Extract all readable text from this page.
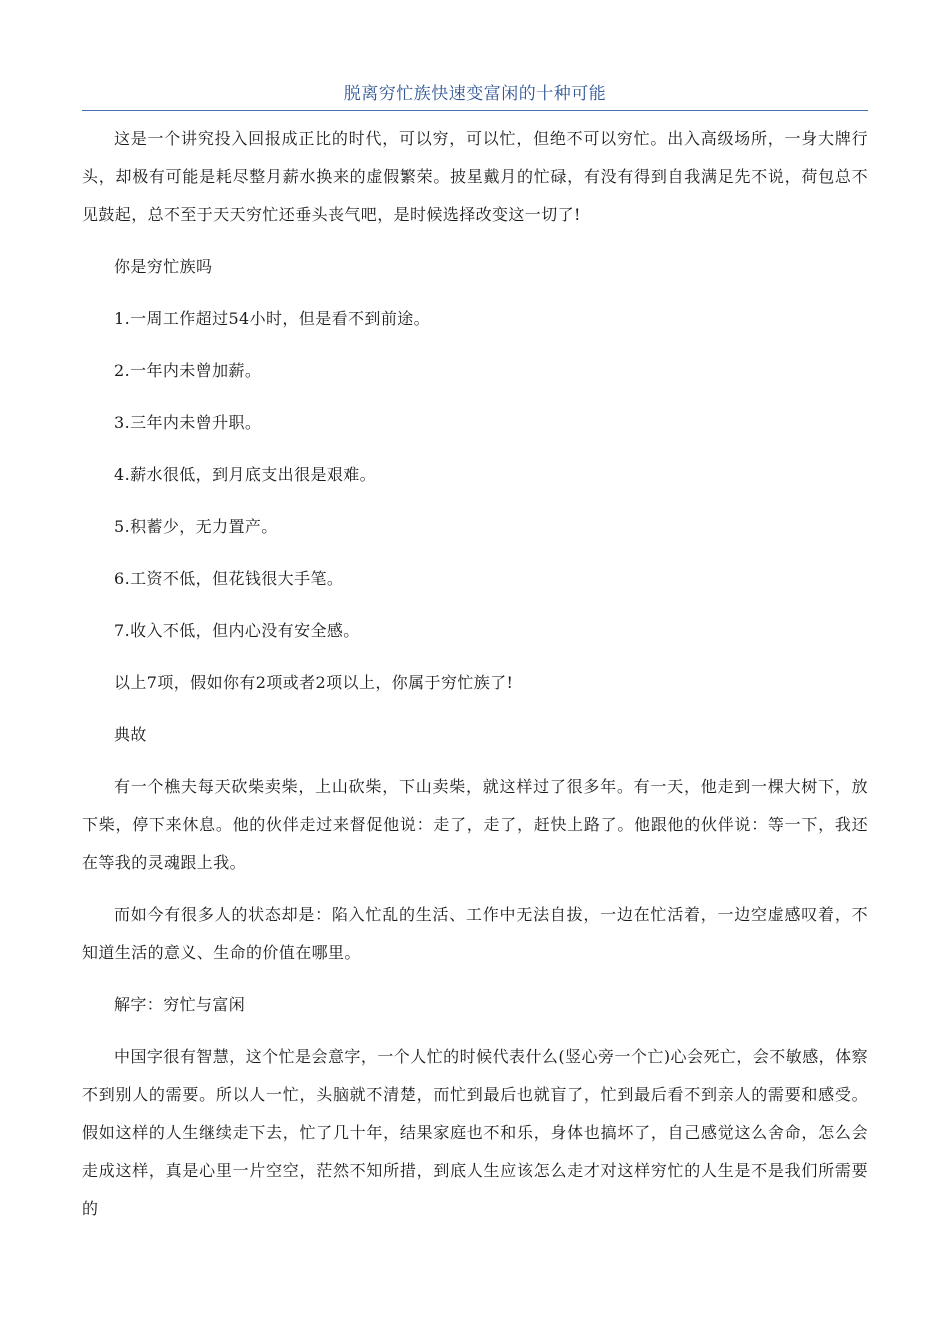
脱离穷忙族快速变富闲的十种可能

这是一个讲究投入回报成正比的时代，可以穷，可以忙，但绝不可以穷忙。出入高级场所，一身大牌行头，却极有可能是耗尽整月薪水换来的虚假繁荣。披星戴月的忙碌，有没有得到自我满足先不说，荷包总不见鼓起，总不至于天天穷忙还垂头丧气吧，是时候选择改变这一切了!

你是穷忙族吗

1.一周工作超过54小时，但是看不到前途。

2.一年内未曾加薪。

3.三年内未曾升职。

4.薪水很低，到月底支出很是艰难。

5.积蓄少，无力置产。

6.工资不低，但花钱很大手笔。

7.收入不低，但内心没有安全感。

以上7项，假如你有2项或者2项以上，你属于穷忙族了!

典故

有一个樵夫每天砍柴卖柴，上山砍柴，下山卖柴，就这样过了很多年。有一天，他走到一棵大树下，放下柴，停下来休息。他的伙伴走过来督促他说：走了，走了，赶快上路了。他跟他的伙伴说：等一下，我还在等我的灵魂跟上我。

而如今有很多人的状态却是：陷入忙乱的生活、工作中无法自拔，一边在忙活着，一边空虚感叹着，不知道生活的意义、生命的价值在哪里。

解字：穷忙与富闲

中国字很有智慧，这个忙是会意字，一个人忙的时候代表什么(竖心旁一个亡)心会死亡，会不敏感，体察不到别人的需要。所以人一忙，头脑就不清楚，而忙到最后也就盲了，忙到最后看不到亲人的需要和感受。假如这样的人生继续走下去，忙了几十年，结果家庭也不和乐，身体也搞坏了，自己感觉这么舍命，怎么会走成这样，真是心里一片空空，茫然不知所措，到底人生应该怎么走才对这样穷忙的人生是不是我们所需要的
